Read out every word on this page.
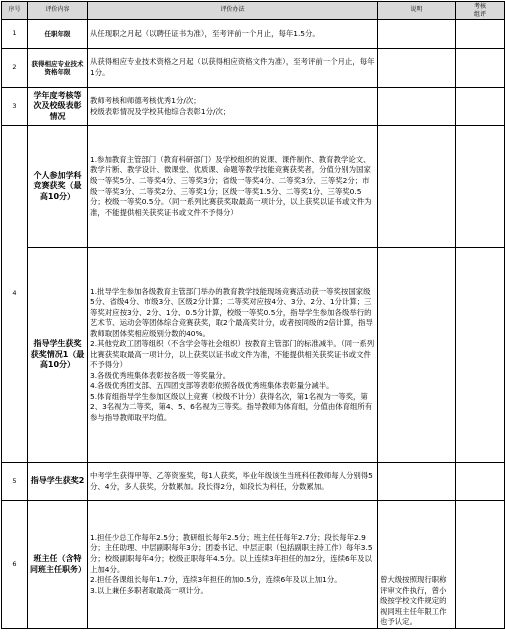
序号	评价内容	评价办法	说明	考核
组评
1	任职年限	从任现职之月起（以聘任证书为准），至考评前一个月止，每年1.5分。		

2	获得相应专业技术资格年限	从获得相应专业技术资格之月起（以获得相应资格文件为准），至考评前一个月止，每年1分。		

3	学年度考核等次及校级表彰情况	教师考核和师德考核优秀1分/次；
校级表彰情况及学校其他综合表彰1分/次；		

4	个人参加学科竞赛获奖（最高10分）	1.参加教育主管部门（教育科研部门）及学校组织的说课、课件制作、教育教学论文、教学片断、教学设计、微课堂、优质课、命题等教学技能竞赛获奖者，分值分别为国家级一等奖5分、二等奖4分、三等奖3分；省级一等奖4分、二等奖3分、三等奖2分；市级一等奖3分、二等奖2分、三等奖1分；区级一等奖1.5分、二等奖1分、三等奖0.5分；校级一等奖0.5分。（同一系列比赛获奖取最高一项计分，以上获奖以证书或文件为准，不能提供相关获奖证书或文件不予得分）		

	指导学生获奖获奖情况1（最高10分）	1.批导学生参加各级教育主管部门举办的教育教学技能现场竞赛活动获一等奖按国家级5分、省级4分、市级3分、区级2分计算；二等奖对应按4分、3分、2分、1分计算；三等奖对应按3分、2分、1分、0.5分计算，校级一等奖0.5分，指导学生参加各级举行的艺术节、运动会等团体综合竞赛获奖，取2个最高奖计分，或者按同级的2倍计算，指导教师取团体奖相应级别分数的40%。
2.其他党政工团等组织（不含学会等社会组织）按教育主管部门的标准减半。（同一系列比赛获奖取最高一项计分，以上获奖以证书或文件为准，不能提供相关获奖证书或文件不予得分）
3.各级优秀班集体表彰按各级一等奖量分。
4.各级优秀团支部、五四团支部等表彰依照各级优秀班集体表彰量分减半。
5.体育组指导学生参加区级以上竞赛（校级不计分）获得名次，第1名视为一等奖，第2、3名视为二等奖，第4、5、6名视为三等奖。指导教师为体育组，分值由体育组所有参与指导教师取平均值。		

5	指导学生获奖2	中考学生获得甲等、乙等资鉴奖，每1人获奖，毕业年级该生当班科任教师每人分别得5分、4分，多人获奖，分数累加。段长得2分，如段长为科任，分数累加。		

6	班主任（含特同班主任职务）	1.担任少总工作每年2.5分；教研组长每年2.5分；班主任任每年2.7分；段长每年2.9分；主任助理、中层副职每年3分；团委书记、中层正职（包括副职主持工作）每年3.5分；校级副职每年4分；校级正职每年4.5分。以上连续3年担任的加2分，连续6年及以上加4分。
2.担任各课组长每年1.7分，连续3年担任的加0.5分，连续6年及以上加1分。
3.以上兼任多职者取最高一项计分。	曾大级按照现行职称评审文件执行，曾小级按学校文件规定的视同班主任年限工作也予认定。	
